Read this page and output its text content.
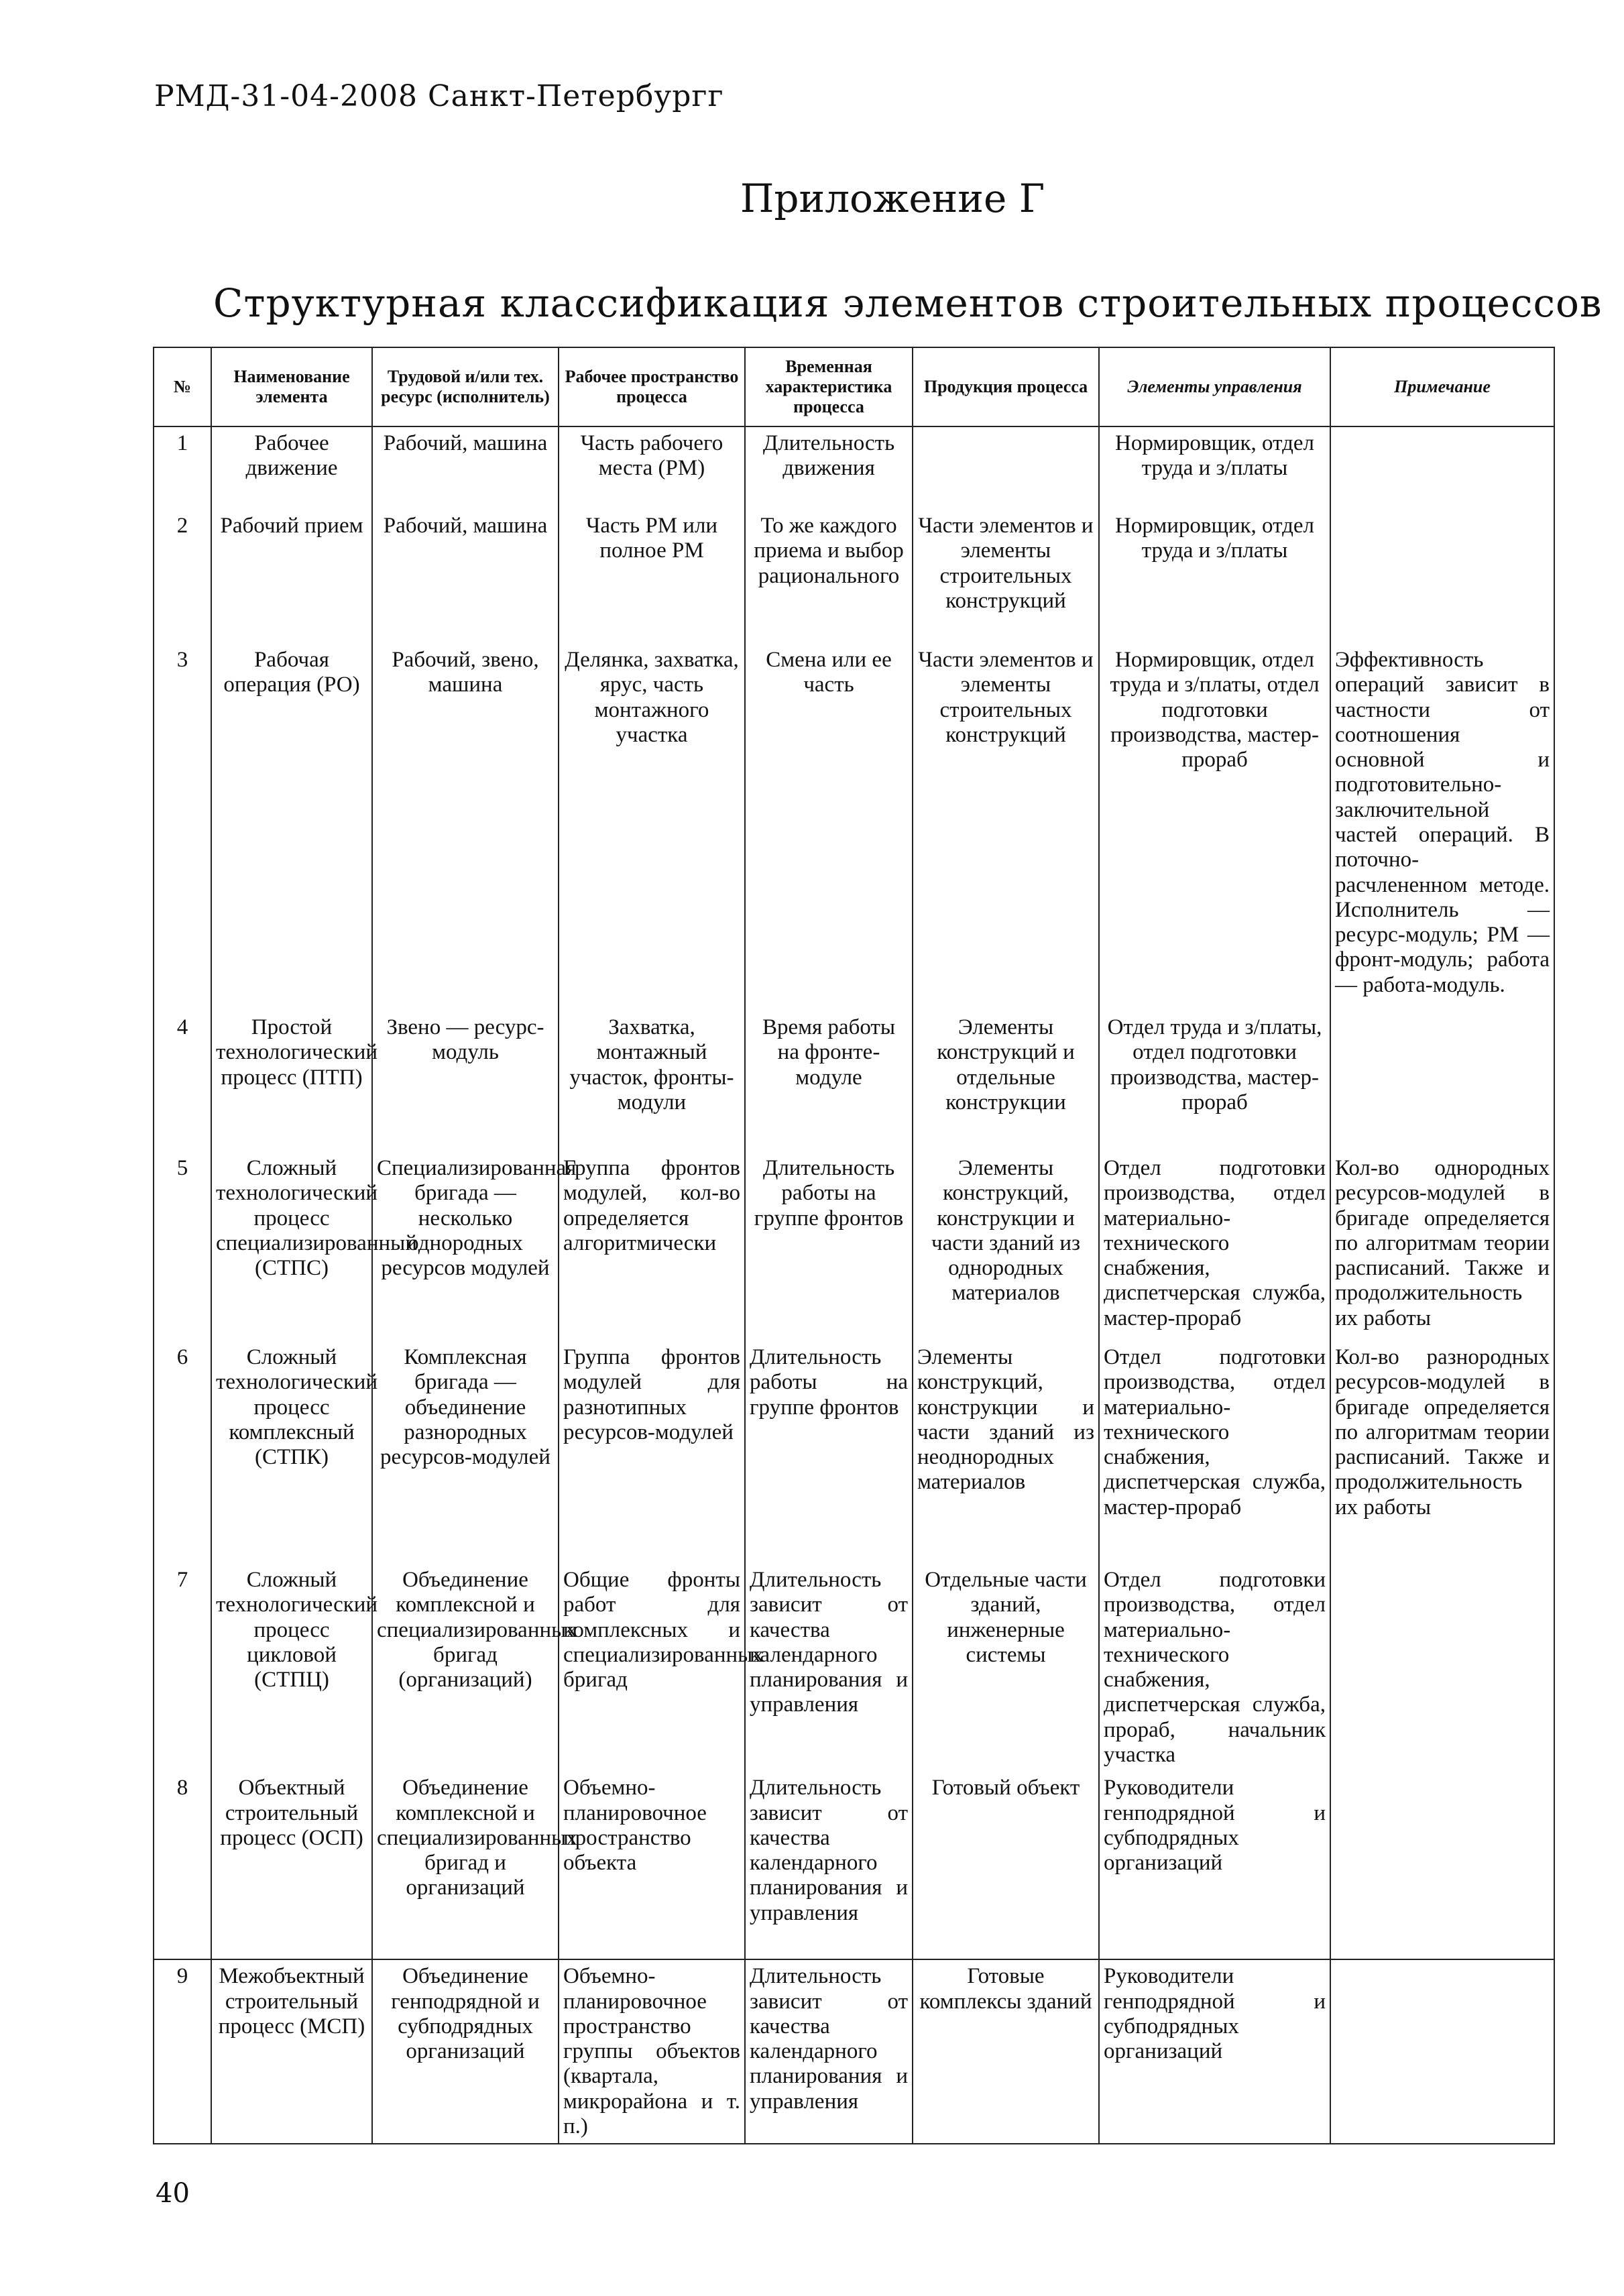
РМД-31-04-2008 Санкт-Петербургг
Приложение Г
Структурная классификация элементов строительных процессов
№	Наименование элемента	Трудовой и/или тех. ресурс (исполнитель)	Рабочее пространство процесса	Временная характеристика процесса	Продукция процесса	Элементы управления	Примечание
1	Рабочее движение	Рабочий, машина	Часть рабочего места (РМ)	Длительность движения		Нормировщик, отдел труда и з/платы	
2	Рабочий прием	Рабочий, машина	Часть РМ или полное РМ	То же каждого приема и выбор рационального	Части элементов и элементы строительных конструкций	Нормировщик, отдел труда и з/платы	
3	Рабочая операция (РО)	Рабочий, звено, машина	Делянка, захватка, ярус, часть монтажного участка	Смена или ее часть	Части элементов и элементы строительных конструкций	Нормировщик, отдел труда и з/платы, отдел подготовки производства, мастер-прораб	Эффективность операций зависит в частности от соотношения основной и подготовительно-заключительной частей операций. В поточно-расчлененном методе. Исполнитель — ресурс-модуль; РМ — фронт-модуль; работа — работа-модуль.
4	Простой технологический процесс (ПТП)	Звено — ресурс-модуль	Захватка, монтажный участок, фронты-модули	Время работы на фронте-модуле	Элементы конструкций и отдельные конструкции	Отдел труда и з/платы, отдел подготовки производства, мастер-прораб	
5	Сложный технологический процесс специализированный (СТПС)	Специализированная бригада — несколько однородных ресурсов модулей	Группа фронтов модулей, кол-во определяется алгоритмически	Длительность работы на группе фронтов	Элементы конструкций, конструкции и части зданий из однородных материалов	Отдел подготовки производства, отдел материально-технического снабжения, диспетчерская служба, мастер-прораб	Кол-во однородных ресурсов-модулей в бригаде определяется по алгоритмам теории расписаний. Также и продолжительность их работы
6	Сложный технологический процесс комплексный (СТПК)	Комплексная бригада — объединение разнородных ресурсов-модулей	Группа фронтов модулей для разнотипных ресурсов-модулей	Длительность работы на группе фронтов	Элементы конструкций, конструкции и части зданий из неоднородных материалов	Отдел подготовки производства, отдел материально-технического снабжения, диспетчерская служба, мастер-прораб	Кол-во разнородных ресурсов-модулей в бригаде определяется по алгоритмам теории расписаний. Также и продолжительность их работы
7	Сложный технологический процесс цикловой (СТПЦ)	Объединение комплексной и специализированных бригад (организаций)	Общие фронты работ для комплексных и специализированных бригад	Длительность зависит от качества календарного планирования и управления	Отдельные части зданий, инженерные системы	Отдел подготовки производства, отдел материально-технического снабжения, диспетчерская служба, прораб, начальник участка	
8	Объектный строительный процесс (ОСП)	Объединение комплексной и специализированных бригад и организаций	Объемно-планировочное пространство объекта	Длительность зависит от качества календарного планирования и управления	Готовый объект	Руководители генподрядной и субподрядных организаций	
9	Межобъектный строительный процесс (МСП)	Объединение генподрядной и субподрядных организаций	Объемно-планировочное пространство группы объектов (квартала, микрорайона и т. п.)	Длительность зависит от качества календарного планирования и управления	Готовые комплексы зданий	Руководители генподрядной и субподрядных организаций	
40
